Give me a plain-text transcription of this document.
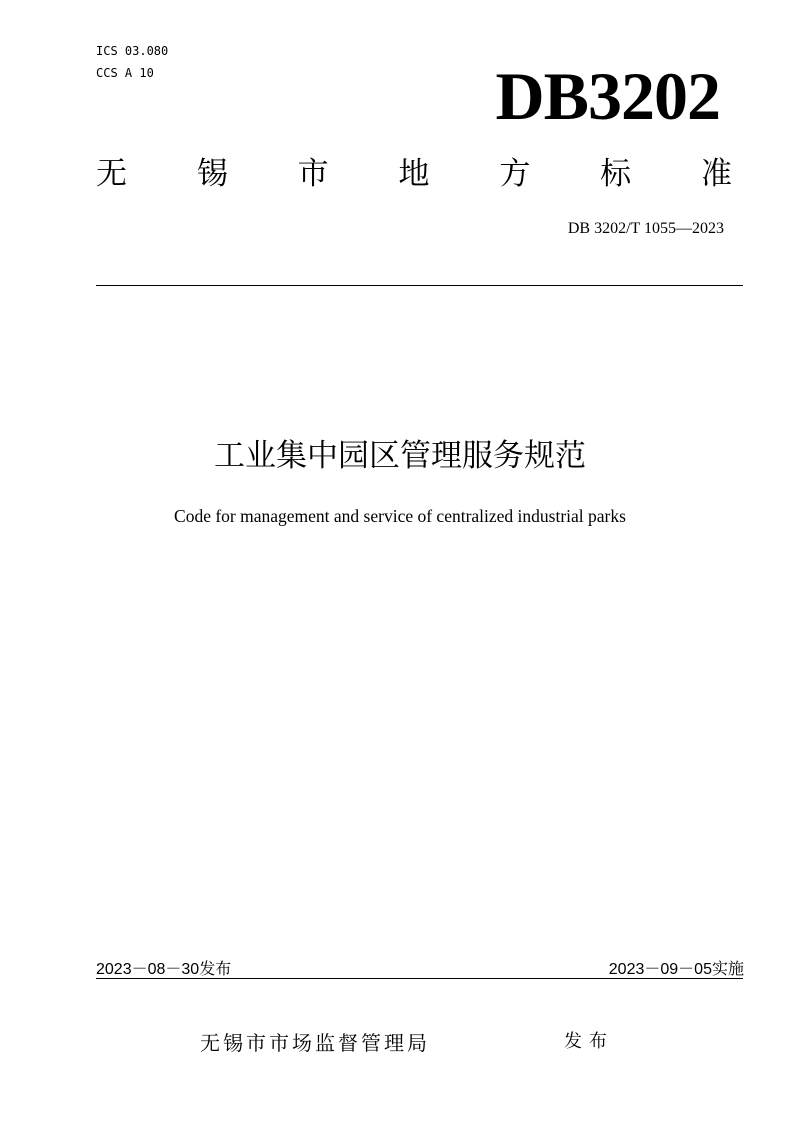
ICS 03.080
CCS A 10	DB3202
无 锡 市 地 方 标 准
DB 3202/T 1055—2023
工业集中园区管理服务规范
Code for management and service of centralized industrial parks
2023－08－30发布	2023－09－05实施
无锡市市场监督管理局	发布
